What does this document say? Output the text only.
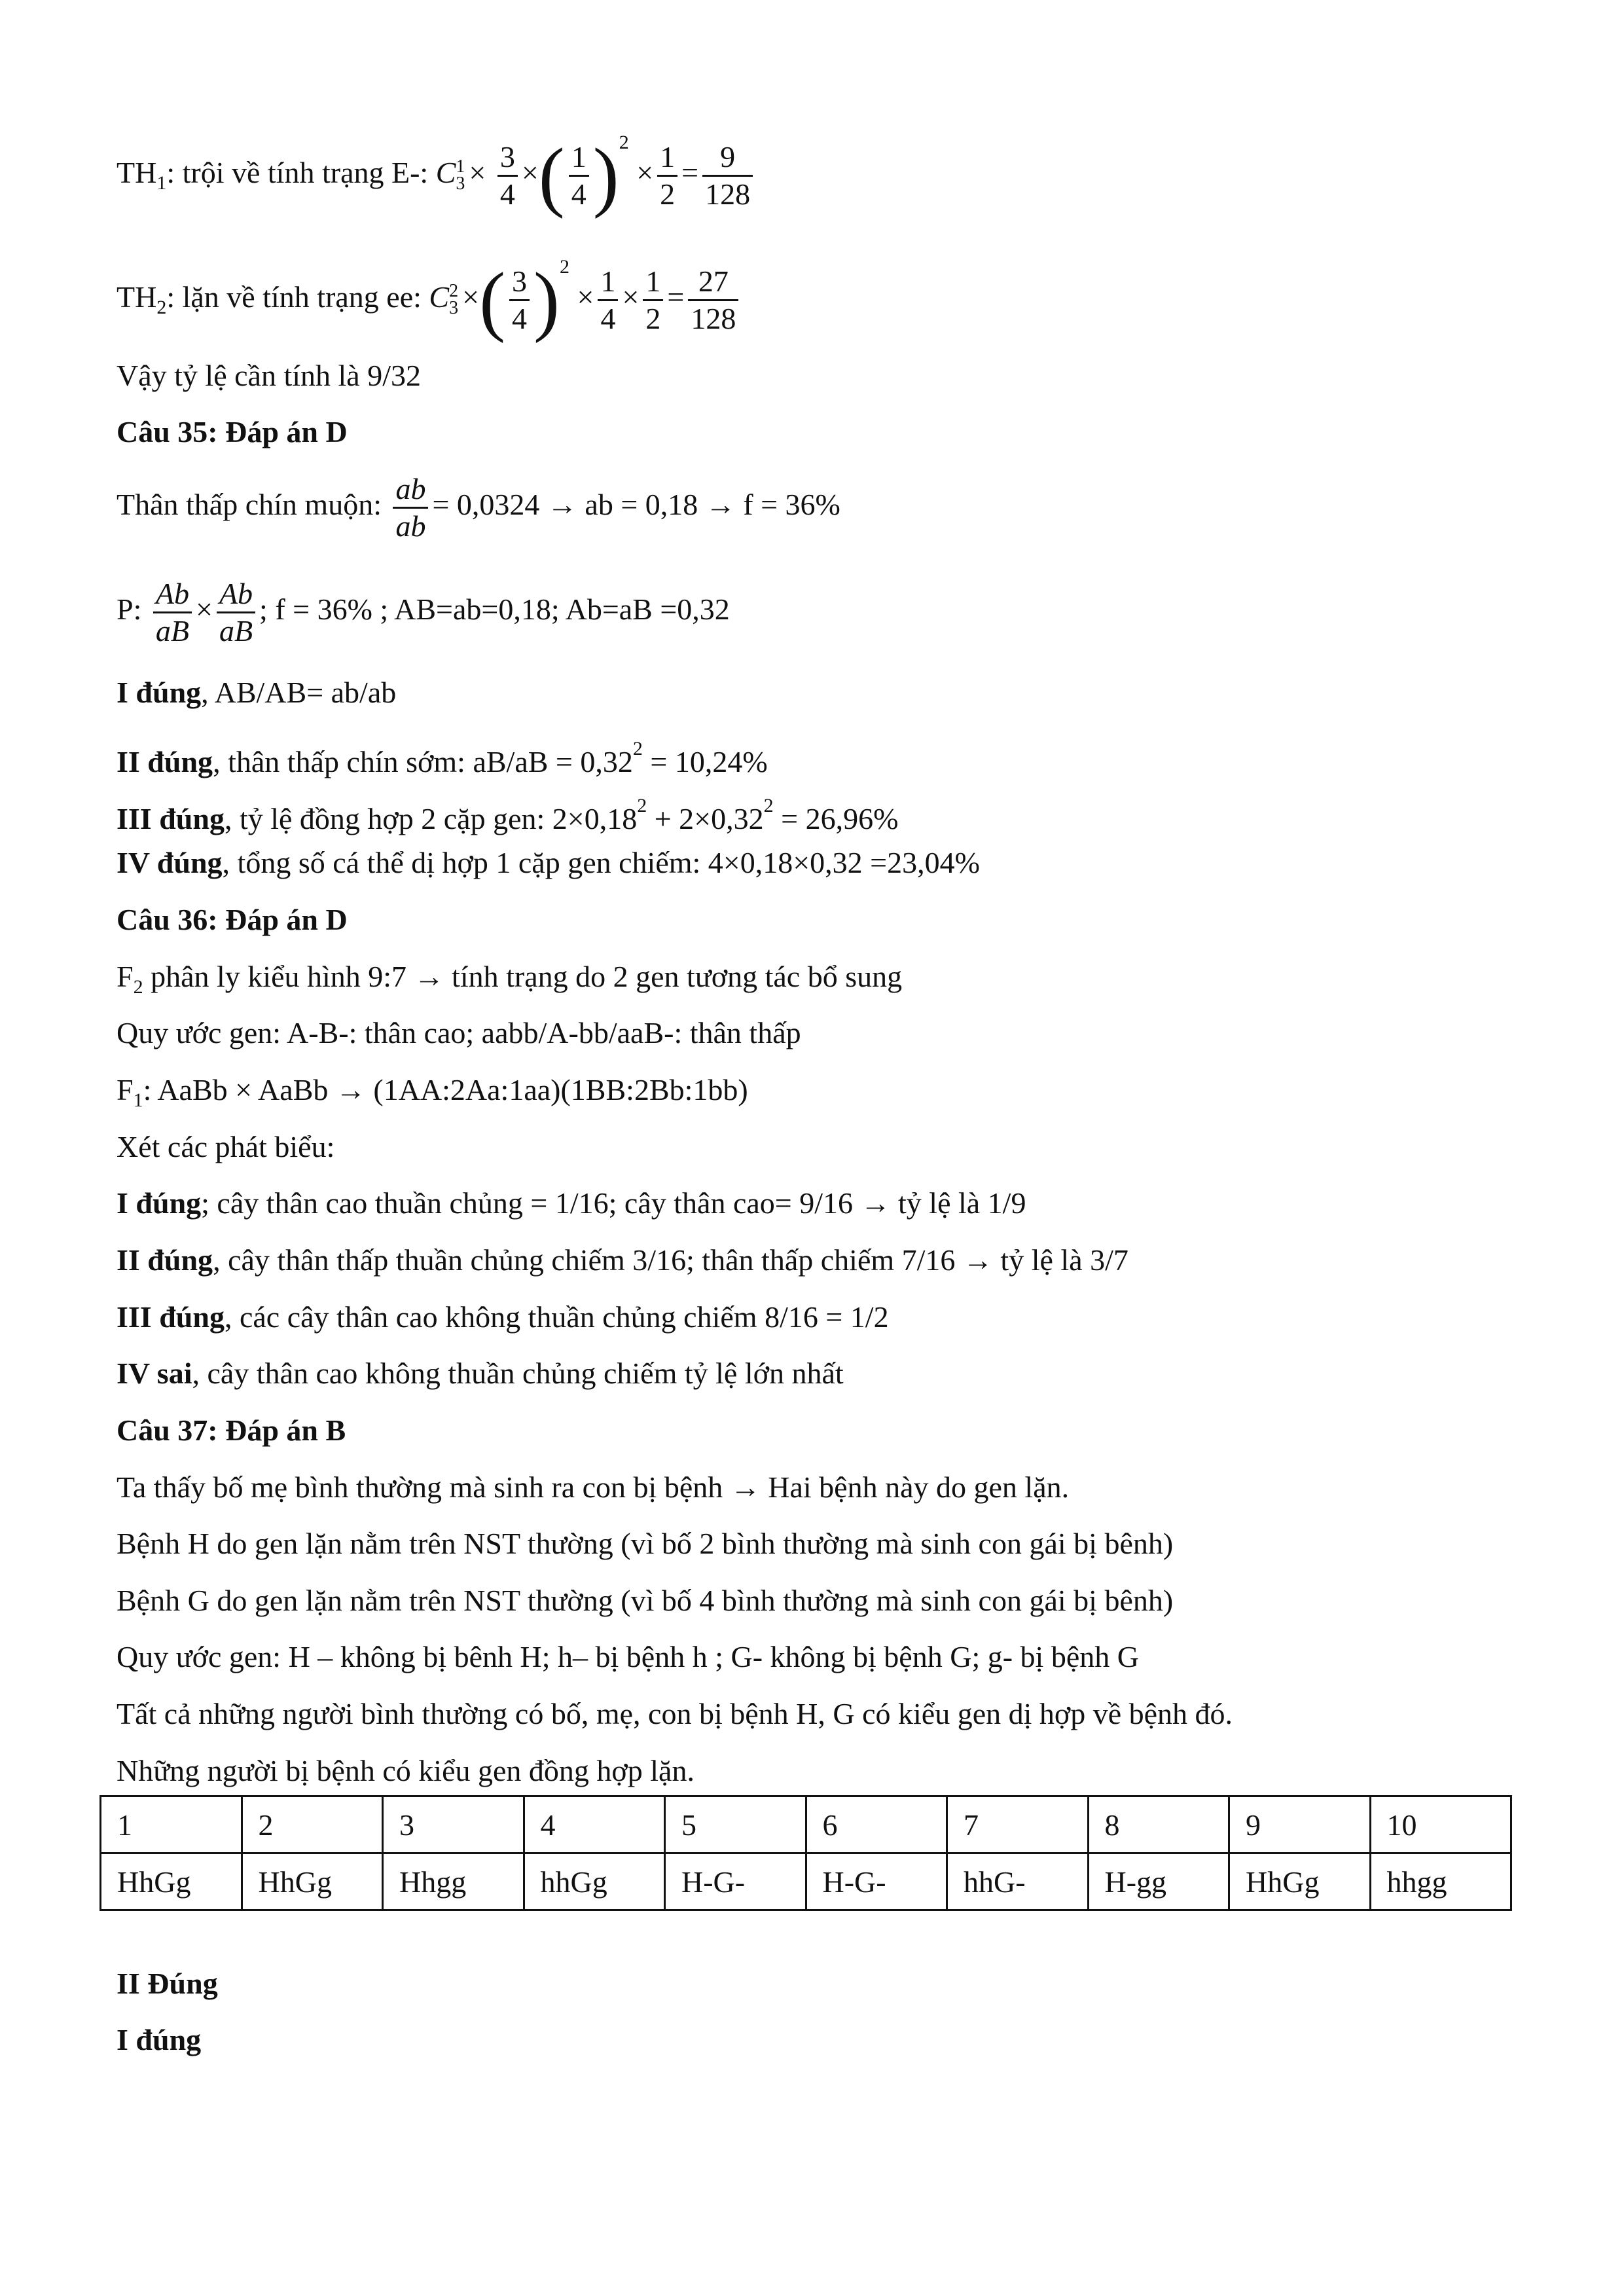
$TH_1$: trội về tính trạng E-: C 1
$3 \times \frac{3}{4}$ ×( $\frac{1}{4} )^2 \times \frac{1}{2} = \frac{9}{128}$
$TH_2$: lặn về tính trạng ee: C 2
3 ×( $\frac{3}{4} )^2 \times \frac{1}{4} \times \frac{1}{2} = \frac{27}{128}$
Vậy tỷ lệ cần tính là 9/32
Câu 35: Đáp án D
Thân thấp chín muộn: $\frac{ab}{ab} = 0,0324$ → ab = 0,18 → f = 36%
P: $\frac{Ab}{aB} \times \frac{Ab}{aB}$ ; f = 36% ; AB=ab=0,18; Ab=aB =0,32
I đúng, AB/AB= ab/ab
II đúng, thân thấp chín sớm: $aB/aB = 0,32^2 = 10,24\%$
III đúng, tỷ lệ đồng hợp 2 cặp gen: $2\times 0,18^2 + 2\times 0,32^2 = 26,96\%$
IV đúng, tổng số cá thể dị hợp 1 cặp gen chiếm: 4×0,18×0,32 =23,04%
Câu 36: Đáp án D
$F_2$ phân ly kiểu hình 9:7 → tính trạng do 2 gen tương tác bổ sung
Quy ước gen: A-B-: thân cao; aabb/A-bb/aaB-: thân thấp
$F_1$: AaBb × AaBb → (1AA:2Aa:1aa)(1BB:2Bb:1bb)
Xét các phát biểu:
I đúng; cây thân cao thuần chủng = 1/16; cây thân cao= 9/16 → tỷ lệ là 1/9
II đúng, cây thân thấp thuần chủng chiếm 3/16; thân thấp chiếm 7/16 → tỷ lệ là 3/7
III đúng, các cây thân cao không thuần chủng chiếm 8/16 = 1/2
IV sai, cây thân cao không thuần chủng chiếm tỷ lệ lớn nhất
Câu 37: Đáp án B
Ta thấy bố mẹ bình thường mà sinh ra con bị bệnh → Hai bệnh này do gen lặn.
Bệnh H do gen lặn nằm trên NST thường (vì bố 2 bình thường mà sinh con gái bị bênh)
Bệnh G do gen lặn nằm trên NST thường (vì bố 4 bình thường mà sinh con gái bị bênh)
Quy ước gen: H – không bị bênh H; h– bị bệnh h ; G- không bị bệnh G; g- bị bệnh G
Tất cả những người bình thường có bố, mẹ, con bị bệnh H, G có kiểu gen dị hợp về bệnh đó.
Những người bị bệnh có kiểu gen đồng hợp lặn.
1	2	3	4	5	6	7	8	9	10
HhGg	HhGg	Hhgg	hhGg	H-G-	H-G-	hhG-	H-gg	HhGg	hhgg
II Đúng
I đúng
